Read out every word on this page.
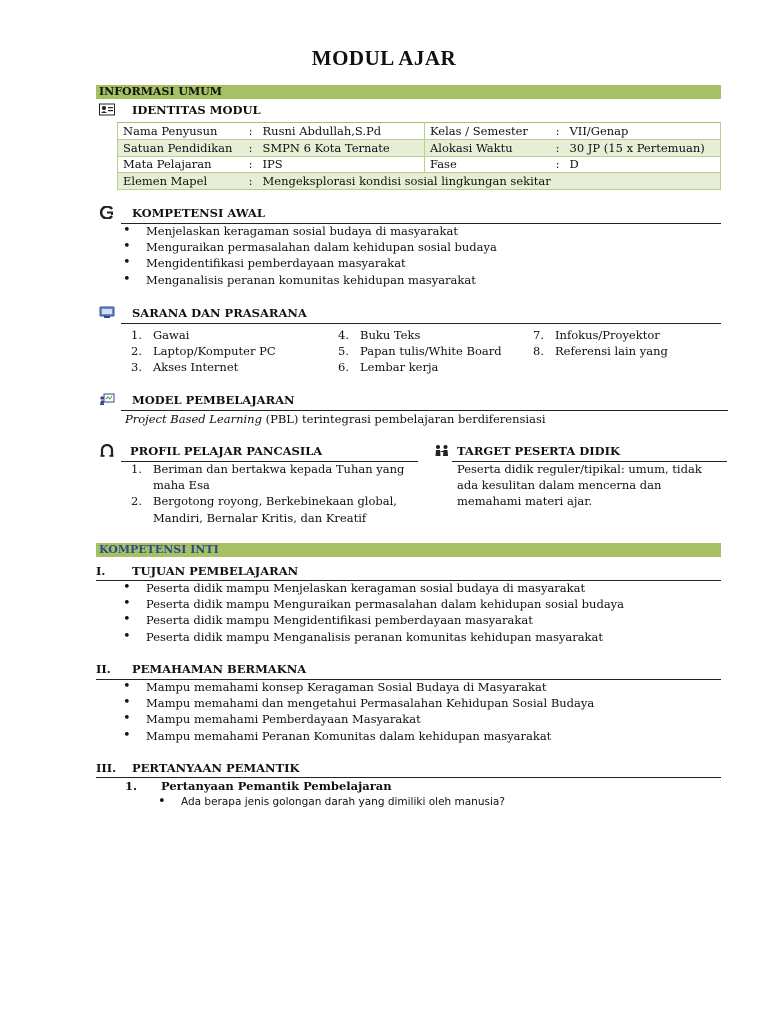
MODUL AJAR
INFORMASI UMUM
IDENTITAS MODUL
Nama Penyusun	:	Rusni Abdullah,S.Pd	Kelas / Semester	:	VII/Genap
Satuan Pendidikan	:	SMPN 6 Kota Ternate	Alokasi Waktu	:	30 JP (15 x Pertemuan)
Mata Pelajaran	:	IPS	Fase	:	D
Elemen Mapel	:	Mengeksplorasi kondisi sosial lingkungan sekitar			
KOMPETENSI AWAL
• Menjelaskan keragaman sosial budaya di masyarakat
• Menguraikan permasalahan dalam kehidupan sosial budaya
• Mengidentifikasi pemberdayaan masyarakat
• Menganalisis peranan komunitas kehidupan masyarakat
SARANA DAN PRASARANA
1. Gawai
2. Laptop/Komputer PC
3. Akses Internet
4. Buku Teks
5. Papan tulis/White Board
6. Lembar kerja
7. Infokus/Proyektor
8. Referensi lain yang
MODEL PEMBELAJARAN
Project Based Learning (PBL) terintegrasi pembelajaran berdiferensiasi
PROFIL PELAJAR PANCASILA
1. Beriman dan bertakwa kepada Tuhan yang
maha Esa
2. Bergotong royong, Berkebinekaan global,
Mandiri, Bernalar Kritis, dan Kreatif
TARGET PESERTA DIDIK
Peserta didik reguler/tipikal: umum, tidak
ada kesulitan dalam mencerna dan
memahami materi ajar.
KOMPETENSI INTI
I. TUJUAN PEMBELAJARAN
• Peserta didik mampu Menjelaskan keragaman sosial budaya di masyarakat
• Peserta didik mampu Menguraikan permasalahan dalam kehidupan sosial budaya
• Peserta didik mampu Mengidentifikasi pemberdayaan masyarakat
• Peserta didik mampu Menganalisis peranan komunitas kehidupan masyarakat
II. PEMAHAMAN BERMAKNA
• Mampu memahami konsep Keragaman Sosial Budaya di Masyarakat
• Mampu memahami dan mengetahui Permasalahan Kehidupan Sosial Budaya
• Mampu memahami Pemberdayaan Masyarakat
• Mampu memahami Peranan Komunitas dalam kehidupan masyarakat
III. PERTANYAAN PEMANTIK
1. Pertanyaan Pemantik Pembelajaran
• Ada berapa jenis golongan darah yang dimiliki oleh manusia?
